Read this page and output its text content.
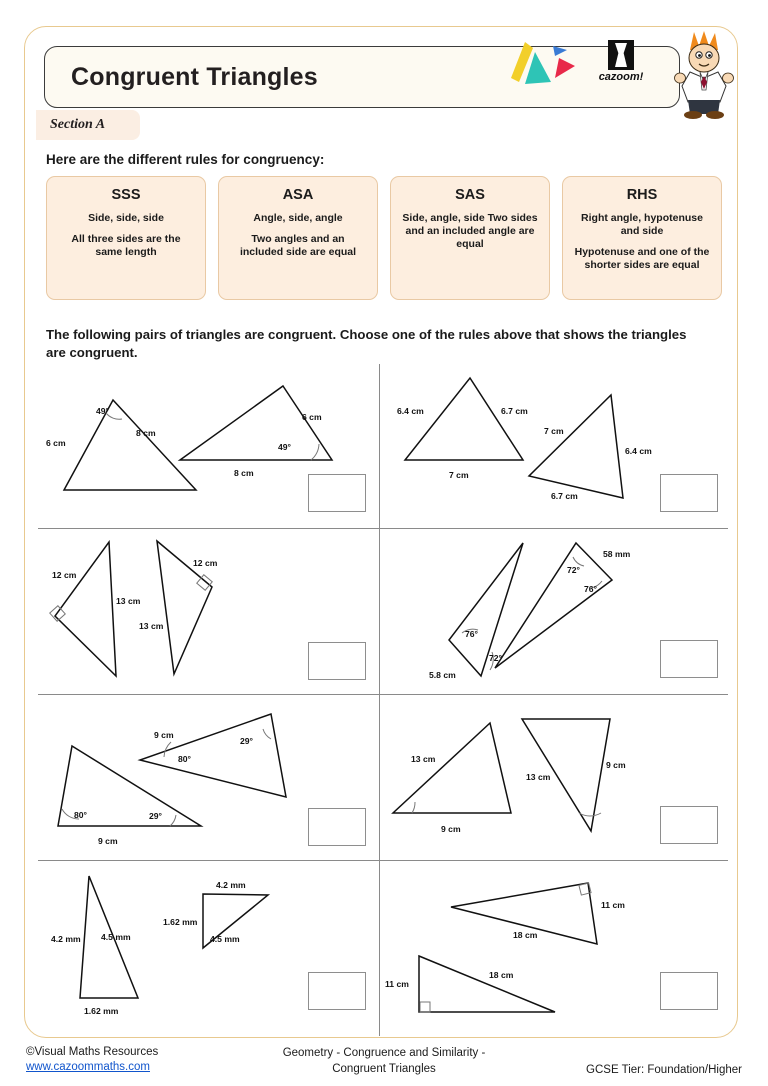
Congruent Triangles	cazoom!
Section A
Here are the different rules for congruency:
SSS
Side, side, side
All three sides are the same length
ASA
Angle, side, angle
Two angles and an included side are equal
SAS
Side, angle, side Two sides and an included angle are equal
RHS
Right angle, hypotenuse and side
Hypotenuse and one of the shorter sides are equal
The following pairs of triangles are congruent. Choose one of the rules above that shows the triangles are congruent.
49°
8 cm
6 cm
6 cm
49°
8 cm
6.4 cm	6.7 cm
7 cm
7 cm
6.4 cm
6.7 cm
12 cm
13 cm
12 cm
13 cm
76°
72°
5.8 cm
58 mm
72°
76°
80°	29°
9 cm
9 cm
80°
29°
13 cm
9 cm
13 cm
9 cm
4.2 mm 4.5 mm
1.62 mm
4.2 mm
1.62 mm
4.5 mm
11 cm
18 cm
18 cm
11 cm
©Visual Maths Resources
www.cazoommaths.com
Geometry - Congruence and Similarity -
Congruent Triangles	GCSE Tier: Foundation/Higher
